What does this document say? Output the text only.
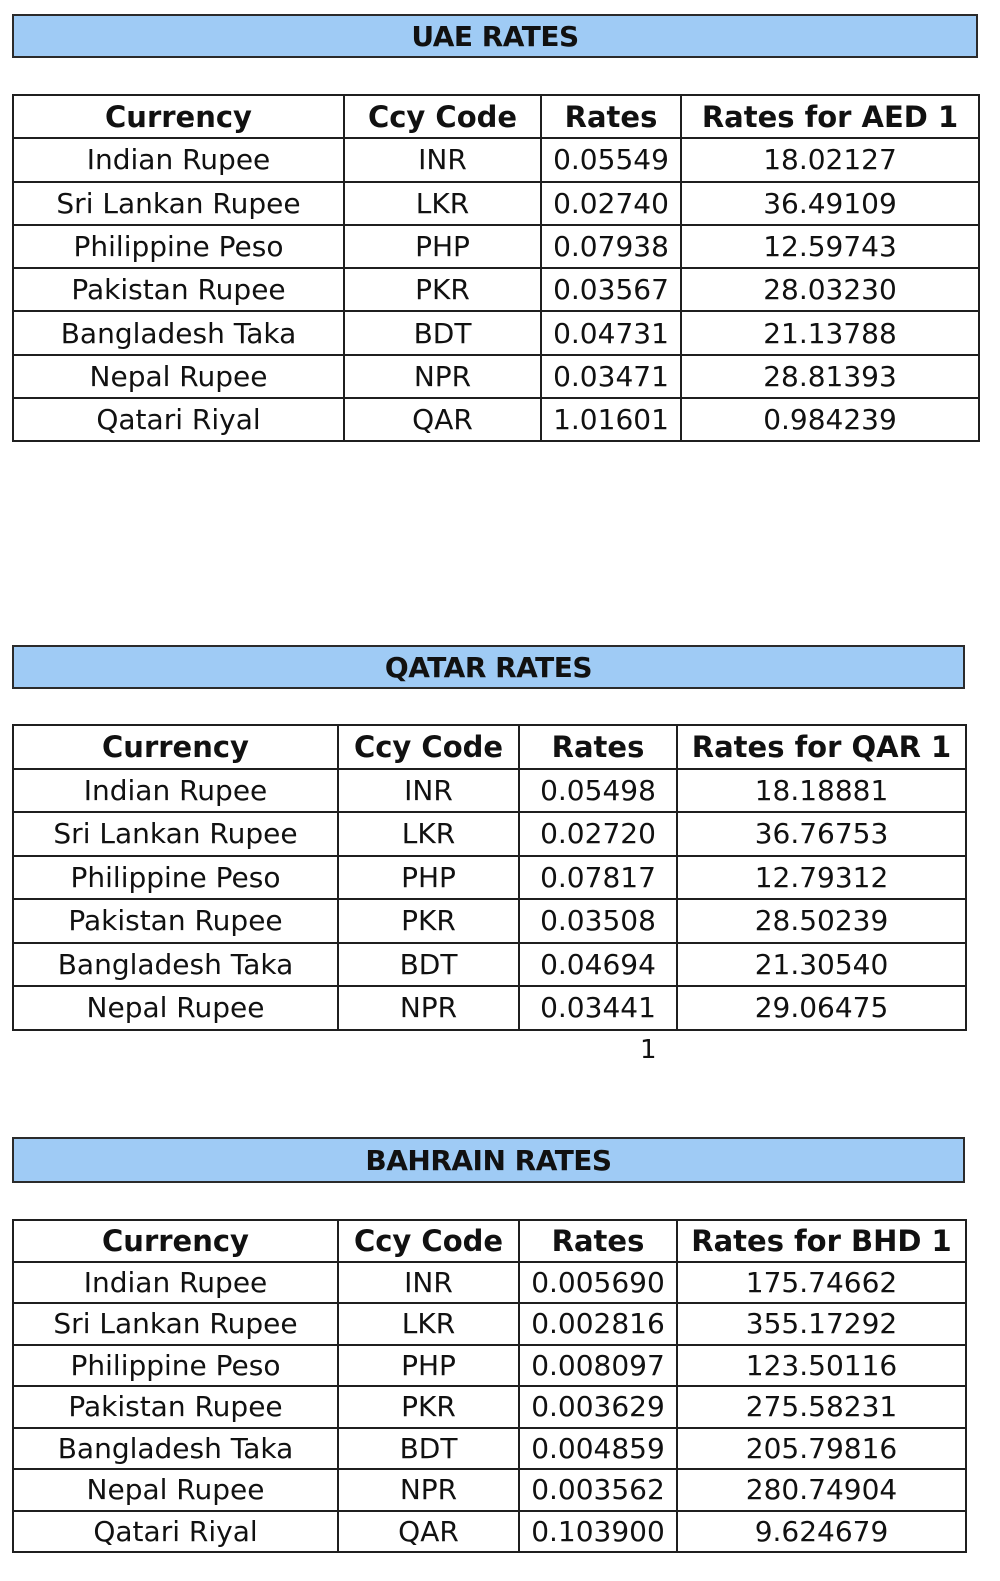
UAE RATES
Currency	Ccy Code	Rates	Rates for AED 1
Indian Rupee	INR	0.05549	18.02127
Sri Lankan Rupee	LKR	0.02740	36.49109
Philippine Peso	PHP	0.07938	12.59743
Pakistan Rupee	PKR	0.03567	28.03230
Bangladesh Taka	BDT	0.04731	21.13788
Nepal Rupee	NPR	0.03471	28.81393
Qatari Riyal	QAR	1.01601	0.984239
QATAR RATES
Currency	Ccy Code	Rates	Rates for QAR 1
Indian Rupee	INR	0.05498	18.18881
Sri Lankan Rupee	LKR	0.02720	36.76753
Philippine Peso	PHP	0.07817	12.79312
Pakistan Rupee	PKR	0.03508	28.50239
Bangladesh Taka	BDT	0.04694	21.30540
Nepal Rupee	NPR	0.03441	29.06475
1
BAHRAIN RATES
Currency	Ccy Code	Rates	Rates for BHD 1
Indian Rupee	INR	0.005690	175.74662
Sri Lankan Rupee	LKR	0.002816	355.17292
Philippine Peso	PHP	0.008097	123.50116
Pakistan Rupee	PKR	0.003629	275.58231
Bangladesh Taka	BDT	0.004859	205.79816
Nepal Rupee	NPR	0.003562	280.74904
Qatari Riyal	QAR	0.103900	9.624679
